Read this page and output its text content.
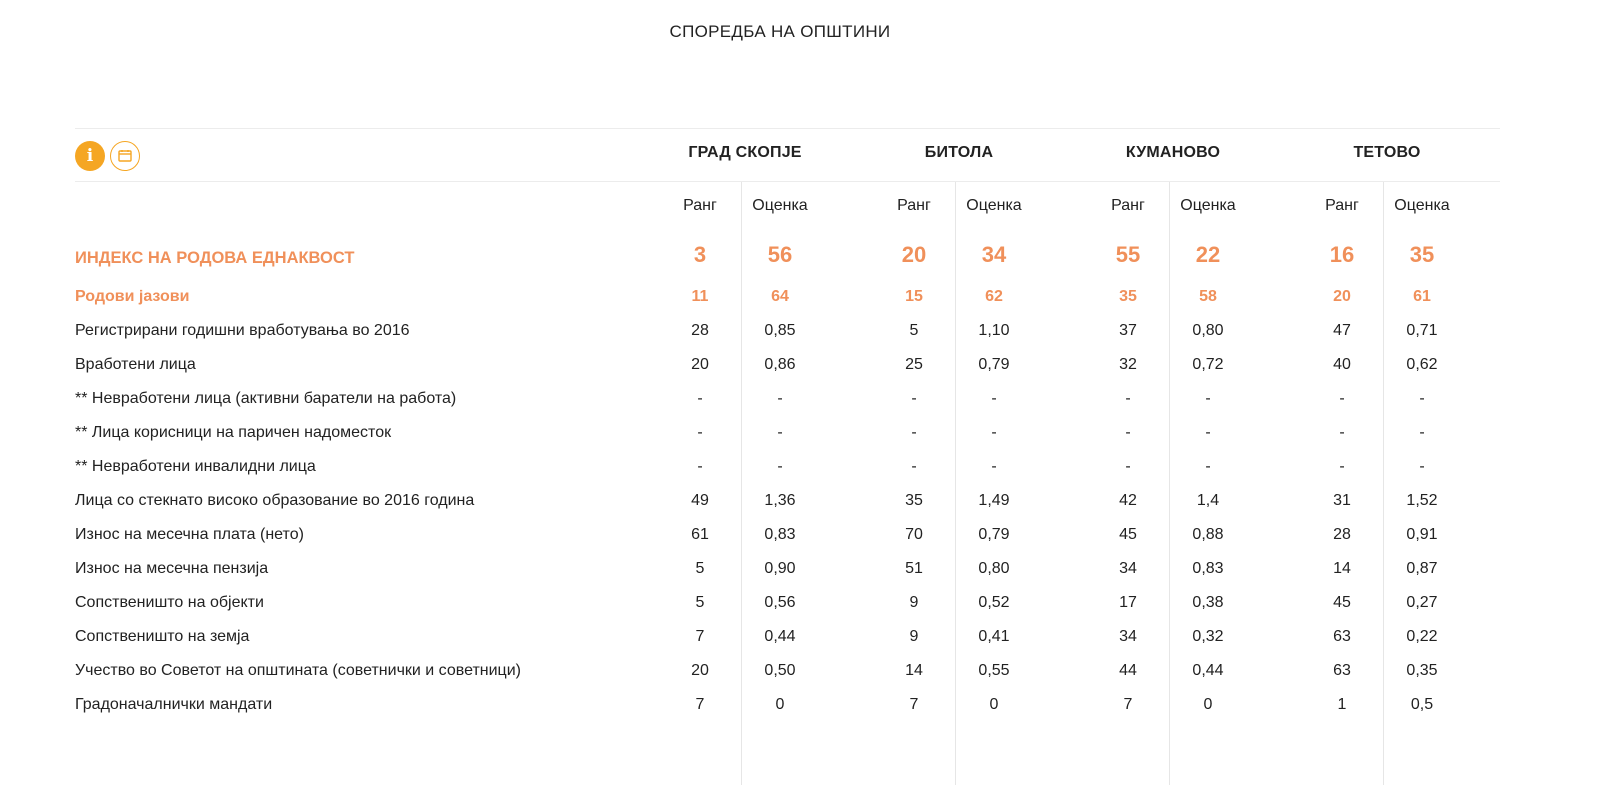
СПОРЕДБА НА ОПШТИНИ
i	ГРАД СКОПЈЕ	БИТОЛА	КУМАНОВО	ТЕТОВО
Ранг	Оценка	Ранг	Оценка	Ранг	Оценка	Ранг	Оценка
ИНДЕКС НА РОДОВА ЕДНАКВОСТ	3	56	20	34	55	22	16	35
Родови јазови	11	64	15	62	35	58	20	61
Регистрирани годишни вработувања во 2016	28	0,85	5	1,10	37	0,80	47	0,71
Вработени лица	20	0,86	25	0,79	32	0,72	40	0,62
** Невработени лица (активни баратели на работа)	-	-	-	-	-	-	-	-
** Лица корисници на паричен надоместок	-	-	-	-	-	-	-	-
** Невработени инвалидни лица	-	-	-	-	-	-	-	-
Лица со стекнато високо образование во 2016 година	49	1,36	35	1,49	42	1,4	31	1,52
Износ на месечна плата (нето)	61	0,83	70	0,79	45	0,88	28	0,91
Износ на месечна пензија	5	0,90	51	0,80	34	0,83	14	0,87
Сопственишто на објекти	5	0,56	9	0,52	17	0,38	45	0,27
Сопственишто на земја	7	0,44	9	0,41	34	0,32	63	0,22
Учество во Советот на општината (советнички и советници)	20	0,50	14	0,55	44	0,44	63	0,35
Градоначалнички мандати	7	0	7	0	7	0	1	0,5
